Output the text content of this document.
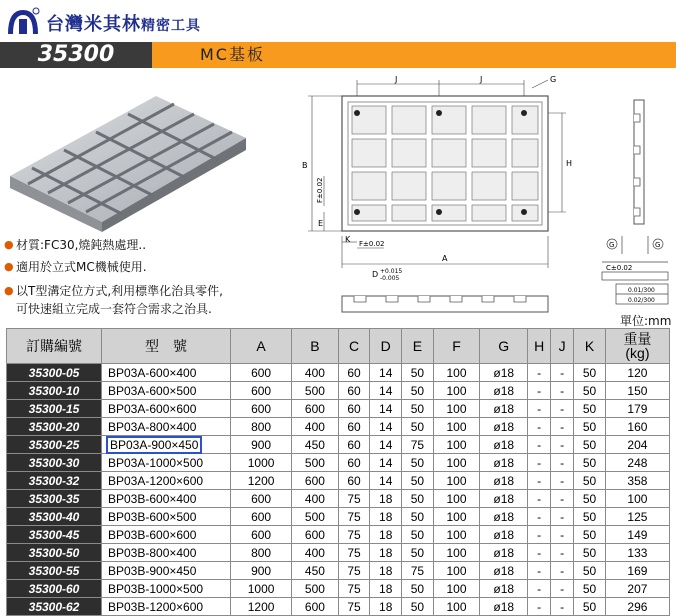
台灣米其林精密工具
35300	MC基板
J	J	G
B	H
E
F±0.02
K F±0.02
A
D +0.015
-0.005
G	G
C±0.02
0.01/300
0.02/300
● 材質:FC30,燒鈍熱處理..
● 適用於立式MC機械使用.
● 以T型溝定位方式,利用標準化治具零件,
可快速組立完成一套符合需求之治具.
單位:mm
訂購編號	型　號	A	B	C	D	E	F	G	H	J	K	重量
(kg)
35300-05	BP03A-600×400	600	400	60	14	50	100	ø18	-	-	50	120
35300-10	BP03A-600×500	600	500	60	14	50	100	ø18	-	-	50	150
35300-15	BP03A-600×600	600	600	60	14	50	100	ø18	-	-	50	179
35300-20	BP03A-800×400	800	400	60	14	50	100	ø18	-	-	50	160
35300-25	BP03A-900×450	900	450	60	14	75	100	ø18	-	-	50	204
35300-30	BP03A-1000×500	1000	500	60	14	50	100	ø18	-	-	50	248
35300-32	BP03A-1200×600	1200	600	60	14	50	100	ø18	-	-	50	358
35300-35	BP03B-600×400	600	400	75	18	50	100	ø18	-	-	50	100
35300-40	BP03B-600×500	600	500	75	18	50	100	ø18	-	-	50	125
35300-45	BP03B-600×600	600	600	75	18	50	100	ø18	-	-	50	149
35300-50	BP03B-800×400	800	400	75	18	50	100	ø18	-	-	50	133
35300-55	BP03B-900×450	900	450	75	18	75	100	ø18	-	-	50	169
35300-60	BP03B-1000×500	1000	500	75	18	50	100	ø18	-	-	50	207
35300-62	BP03B-1200×600	1200	600	75	18	50	100	ø18	-	-	50	296
